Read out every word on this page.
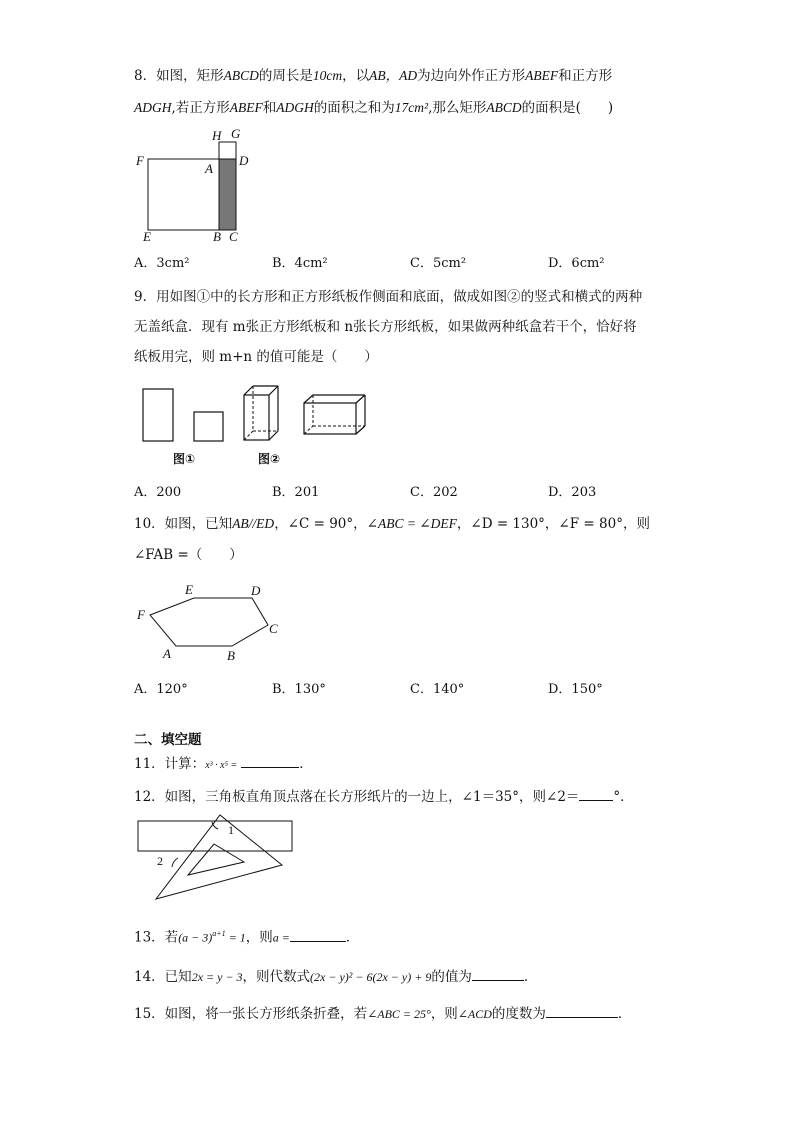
8．如图，矩形ABCD的周长是10cm，以AB，AD为边向外作正方形ABEF和正方形
ADGH,若正方形ABEF和ADGH的面积之和为17cm²,那么矩形ABCD的面积是(　　)
H G
F
A
D
E	B C
A．3cm²	B．4cm²	C．5cm²	D．6cm²
9．用如图①中的长方形和正方形纸板作侧面和底面，做成如图②的竖式和横式的两种
无盖纸盒．现有 m张正方形纸板和 n张长方形纸板，如果做两种纸盒若干个，恰好将
纸板用完，则 m+n 的值可能是（　　）
图①	图②
A．200	B．201	C．202	D．203
10．如图，已知AB//ED，∠C = 90°，∠ABC = ∠DEF，∠D = 130°，∠F = 80°，则
∠FAB =（　　）
E	D
F
C
A	B
A．120°	B．130°	C．140°	D．150°
二、填空题
11．计算：x³ · x⁵ =	．
12．如图，三角板直角顶点落在长方形纸片的一边上，∠1＝35°，则∠2＝	°．
1
2
13．若$(a - 3)^{a+1} = 1$，则a =	．
14．已知2x = y − 3，则代数式(2x − y)² − 6(2x − y) + 9的值为	．
15．如图，将一张长方形纸条折叠，若∠ABC = 25°，则∠ACD的度数为	．
